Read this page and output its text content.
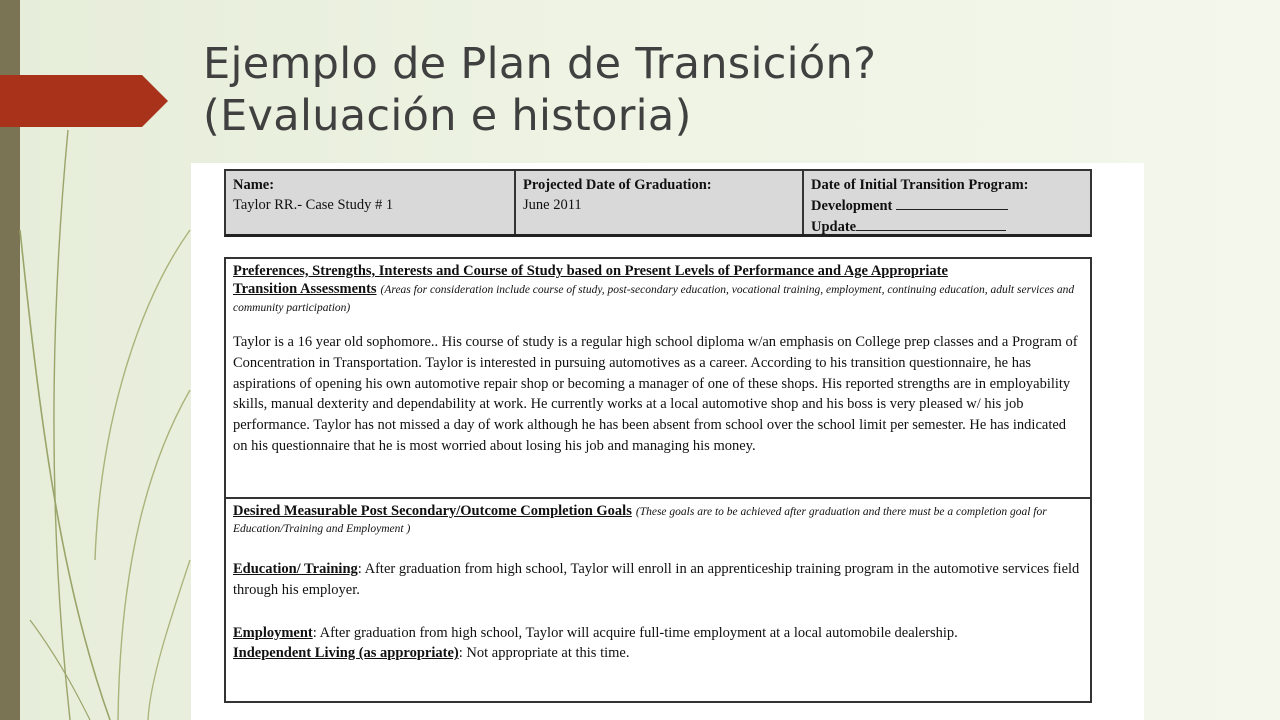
Ejemplo de Plan de Transición?
(Evaluación e historia)
Name:
Taylor RR.- Case Study # 1
Projected Date of Graduation:
June 2011
Date of Initial Transition Program:
Development
Update
Preferences, Strengths, Interests and Course of Study based on Present Levels of Performance and Age Appropriate
Transition Assessments (Areas for consideration include course of study, post-secondary education, vocational training, employment, continuing education, adult services and community participation)
Taylor is a 16 year old sophomore.. His course of study is a regular high school diploma w/an emphasis on College prep classes and a Program of Concentration in Transportation. Taylor is interested in pursuing automotives as a career. According to his transition questionnaire, he has aspirations of opening his own automotive repair shop or becoming a manager of one of these shops. His reported strengths are in employability skills, manual dexterity and dependability at work. He currently works at a local automotive shop and his boss is very pleased w/ his job performance. Taylor has not missed a day of work although he has been absent from school over the school limit per semester. He has indicated on his questionnaire that he is most worried about losing his job and managing his money.
Desired Measurable Post Secondary/Outcome Completion Goals (These goals are to be achieved after graduation and there must be a completion goal for Education/Training and Employment )
Education/ Training: After graduation from high school, Taylor will enroll in an apprenticeship training program in the automotive services field through his employer.
Employment: After graduation from high school, Taylor will acquire full-time employment at a local automobile dealership.
Independent Living (as appropriate): Not appropriate at this time.
